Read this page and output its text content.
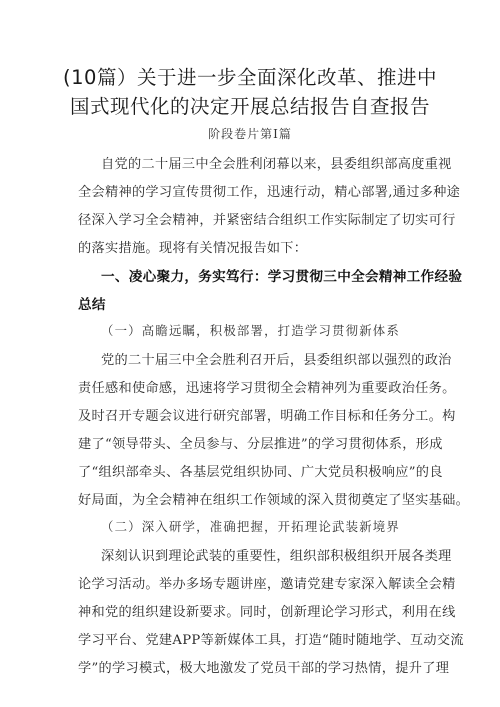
(10篇）关于进一步全面深化改革、推进中
国式现代化的决定开展总结报告自查报告
阶段卷片第Ⅰ篇
自党的二十届三中全会胜利闭幕以来，县委组织部高度重视
全会精神的学习宣传贯彻工作，迅速行动，精心部署,通过多种途
径深入学习全会精神，并紧密结合组织工作实际制定了切实可行
的落实措施。现将有关情况报告如下：
一、凌心聚力，务实笃行：学习贯彻三中全会精神工作经验
总结
（一）高瞻远瞩，积极部署，打造学习贯彻新体系
党的二十届三中全会胜利召开后，县委组织部以强烈的政治
责任感和使命感，迅速将学习贯彻全会精神列为重要政治任务。
及时召开专题会议进行研究部署，明确工作目标和任务分工。构
建了“领导带头、全员参与、分层推进”的学习贯彻体系，形成
了“组织部牵头、各基层党组织协同、广大党员积极响应”的良
好局面，为全会精神在组织工作领域的深入贯彻奠定了坚实基础。
（二）深入研学，准确把握，开拓理论武装新境界
深刻认识到理论武装的重要性，组织部积极组织开展各类理
论学习活动。举办多场专题讲座，邀请党建专家深入解读全会精
神和党的组织建设新要求。同时，创新理论学习形式，利用在线
学习平台、党建APP等新媒体工具，打造“随时随地学、互动交流
学”的学习模式，极大地激发了党员干部的学习热情，提升了理
